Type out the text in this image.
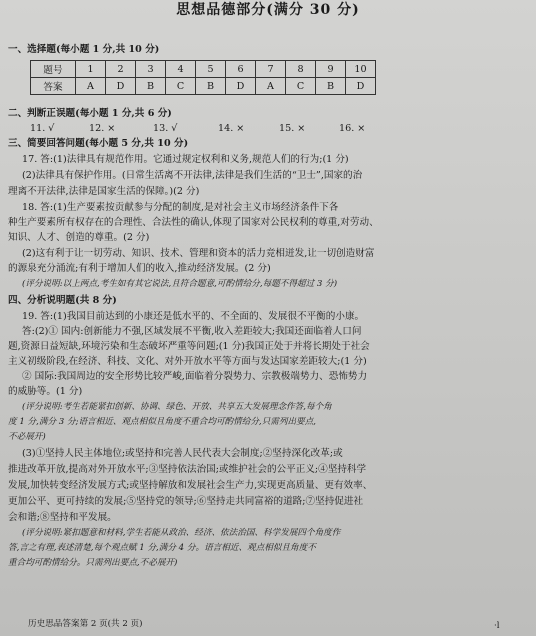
思想品德部分(满分 30 分)
一、选择题(每小题 1 分,共 10 分)
题号	1	2	3	4	5	6	7	8	9	10
答案	A	D	B	C	B	D	A	C	B	D
二、判断正误题(每小题 1 分,共 6 分)
11. √	12. ×	13. √	14. ×	15. ×	16. ×
三、简要回答问题(每小题 5 分,共 10 分)
17. 答:(1)法律具有规范作用。它通过规定权利和义务,规范人们的行为;(1 分)
(2)法律具有保护作用。(日常生活离不开法律,法律是我们生活的“卫士”,国家的治
理离不开法律,法律是国家生活的保障。)(2 分)
18. 答:(1)生产要素按贡献参与分配的制度,是对社会主义市场经济条件下各
种生产要素所有权存在的合理性、合法性的确认,体现了国家对公民权利的尊重,对劳动、
知识、人才、创造的尊重。(2 分)
(2)这有利于让一切劳动、知识、技术、管理和资本的活力竞相迸发,让一切创造财富
的源泉充分涌流;有利于增加人们的收入,推动经济发展。(2 分)
(评分说明:以上两点,考生如有其它说法,且符合题意,可酌情给分,每题不得超过 3 分)
四、分析说明题(共 8 分)
19. 答:(1)我国目前达到的小康还是低水平的、不全面的、发展很不平衡的小康。
答:(2)① 国内:创新能力不强,区域发展不平衡,收入差距较大;我国还面临着人口问
题,资源日益短缺,环境污染和生态破坏严重等问题;(1 分)我国正处于并将长期处于社会
主义初级阶段,在经济、科技、文化、对外开放水平等方面与发达国家差距较大;(1 分)
② 国际:我国周边的安全形势比较严峻,面临着分裂势力、宗教极端势力、恐怖势力
的威胁等。(1 分)
(评分说明:考生若能紧扣创新、协调、绿色、开放、共享五大发展理念作答,每个角
度 1 分,满分 3 分;语言相近、观点相似且角度不重合均可酌情给分,只需列出要点,
不必展开)
(3)①坚持人民主体地位;或坚持和完善人民代表大会制度;②坚持深化改革;或
推进改革开放,提高对外开放水平;③坚持依法治国;或维护社会的公平正义;④坚持科学
发展,加快转变经济发展方式;或坚持解放和发展社会生产力,实现更高质量、更有效率、
更加公平、更可持续的发展;⑤坚持党的领导;⑥坚持走共同富裕的道路;⑦坚持促进社
会和谐;⑧坚持和平发展。
(评分说明:紧扣题意和材料,学生若能从政治、经济、依法治国、科学发展四个角度作
答,言之有理,表述清楚,每个观点赋 1 分,满分 4 分。语言相近、观点相似且角度不
重合均可酌情给分。只需列出要点,不必展开)
历史思品答案第 2 页(共 2 页)	·l
